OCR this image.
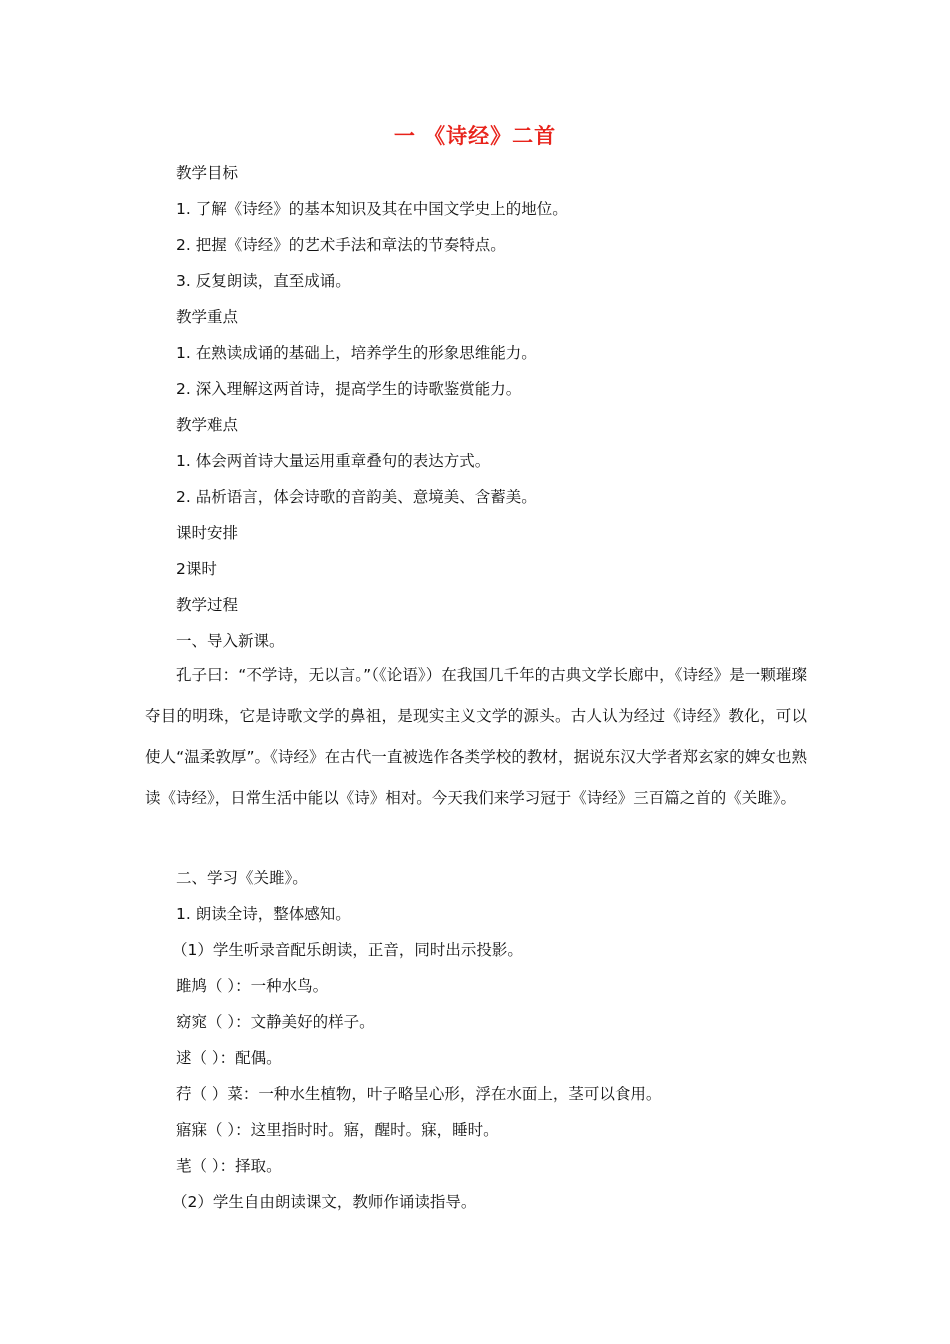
一 《诗经》二首
教学目标
1. 了解《诗经》的基本知识及其在中国文学史上的地位。
2. 把握《诗经》的艺术手法和章法的节奏特点。
3. 反复朗读，直至成诵。
教学重点
1. 在熟读成诵的基础上，培养学生的形象思维能力。
2. 深入理解这两首诗，提高学生的诗歌鉴赏能力。
教学难点
1. 体会两首诗大量运用重章叠句的表达方式。
2. 品析语言，体会诗歌的音韵美、意境美、含蓄美。
课时安排
2课时
教学过程
一、导入新课。
孔子曰：“不学诗，无以言。”（《论语》）在我国几千年的古典文学长廊中，《诗经》是一颗璀璨夺目的明珠，它是诗歌文学的鼻祖，是现实主义文学的源头。古人认为经过《诗经》教化，可以使人“温柔敦厚”。《诗经》在古代一直被选作各类学校的教材，据说东汉大学者郑玄家的婢女也熟读《诗经》，日常生活中能以《诗》相对。今天我们来学习冠于《诗经》三百篇之首的《关雎》。
二、学习《关雎》。
1. 朗读全诗，整体感知。
（1）学生听录音配乐朗读，正音，同时出示投影。
雎鸠（ ）：一种水鸟。
窈窕（ ）：文静美好的样子。
逑（ ）：配偶。
荇（ ）菜：一种水生植物，叶子略呈心形，浮在水面上，茎可以食用。
寤寐（ ）：这里指时时。寤，醒时。寐，睡时。
芼（ ）：择取。
（2）学生自由朗读课文，教师作诵读指导。
